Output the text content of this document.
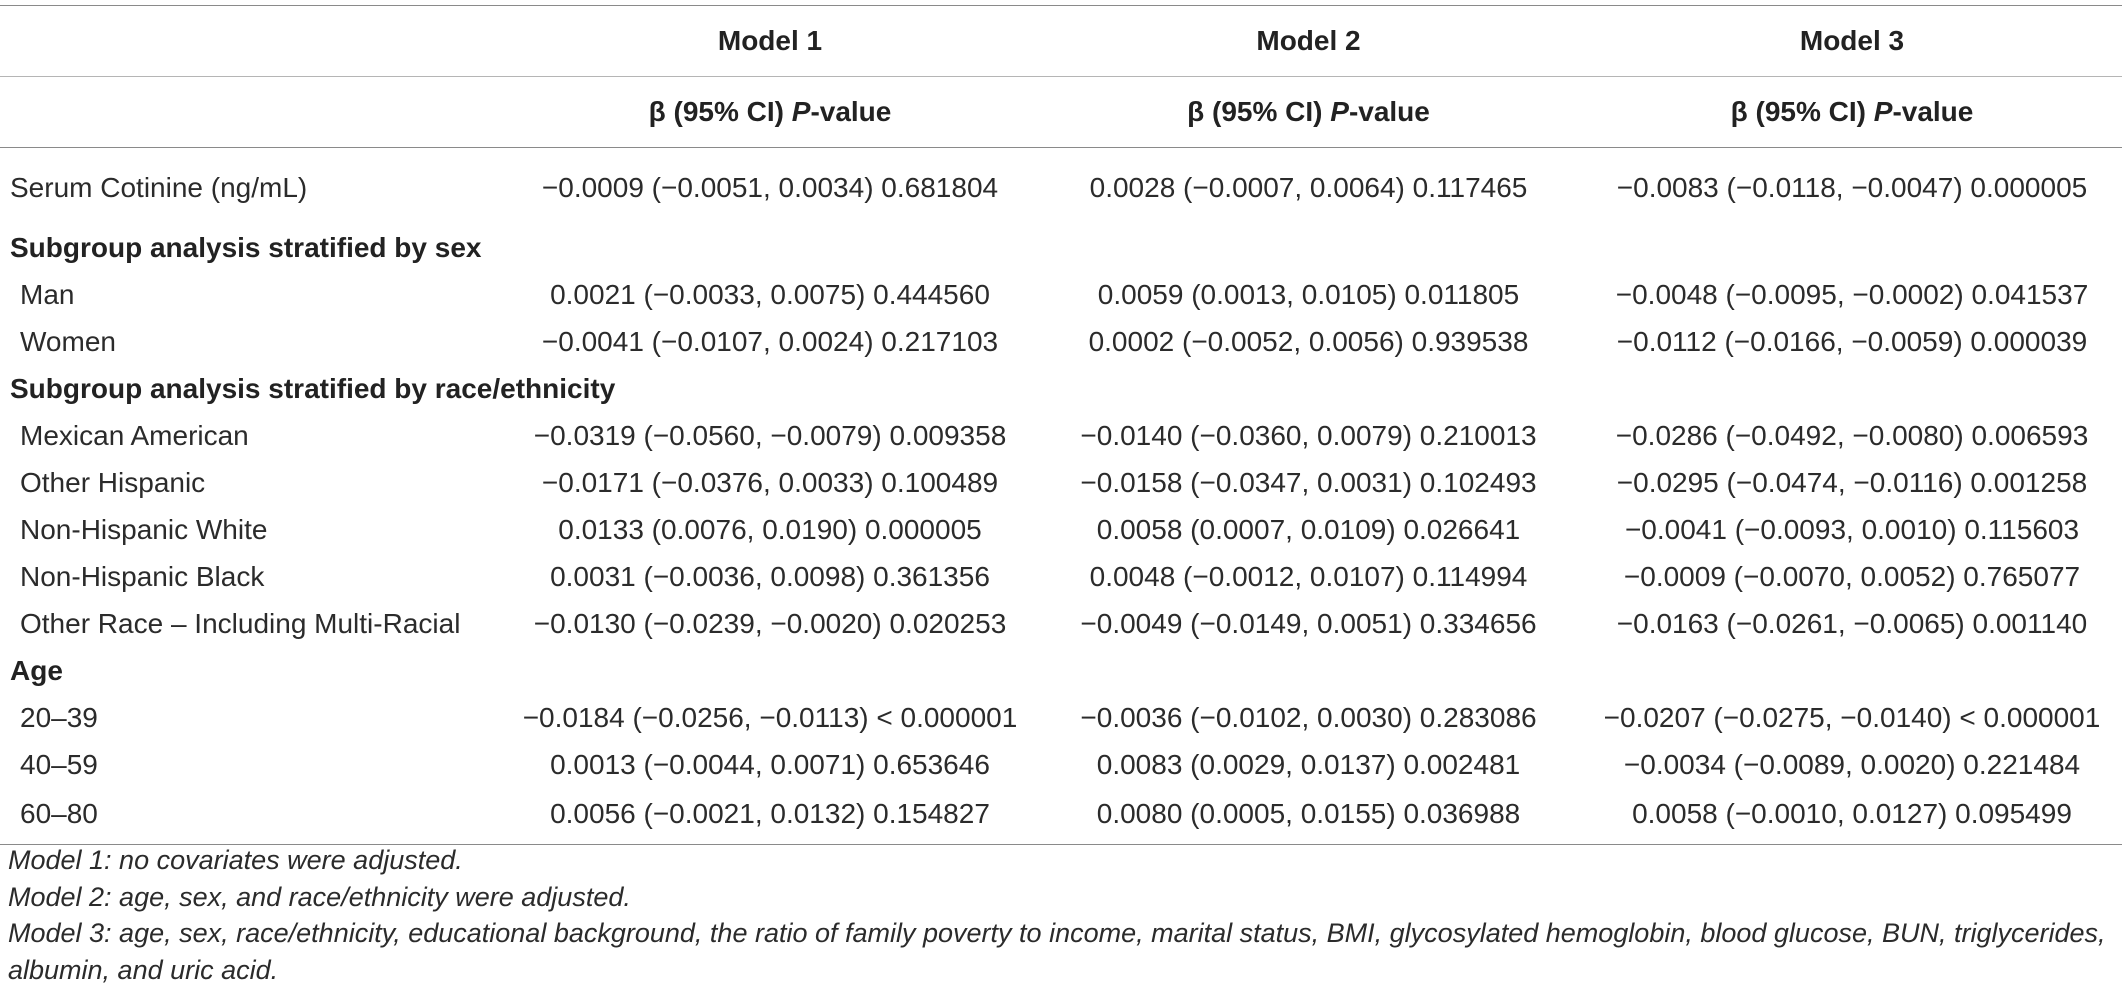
	Model 1	Model 2	Model 3
	β (95% CI) P-value	β (95% CI) P-value	β (95% CI) P-value
Serum Cotinine (ng/mL)	−0.0009 (−0.0051, 0.0034) 0.681804	0.0028 (−0.0007, 0.0064) 0.117465	−0.0083 (−0.0118, −0.0047) 0.000005
Subgroup analysis stratified by sex			
Man	0.0021 (−0.0033, 0.0075) 0.444560	0.0059 (0.0013, 0.0105) 0.011805	−0.0048 (−0.0095, −0.0002) 0.041537
Women	−0.0041 (−0.0107, 0.0024) 0.217103	0.0002 (−0.0052, 0.0056) 0.939538	−0.0112 (−0.0166, −0.0059) 0.000039
Subgroup analysis stratified by race/ethnicity			
Mexican American	−0.0319 (−0.0560, −0.0079) 0.009358	−0.0140 (−0.0360, 0.0079) 0.210013	−0.0286 (−0.0492, −0.0080) 0.006593
Other Hispanic	−0.0171 (−0.0376, 0.0033) 0.100489	−0.0158 (−0.0347, 0.0031) 0.102493	−0.0295 (−0.0474, −0.0116) 0.001258
Non-Hispanic White	0.0133 (0.0076, 0.0190) 0.000005	0.0058 (0.0007, 0.0109) 0.026641	−0.0041 (−0.0093, 0.0010) 0.115603
Non-Hispanic Black	0.0031 (−0.0036, 0.0098) 0.361356	0.0048 (−0.0012, 0.0107) 0.114994	−0.0009 (−0.0070, 0.0052) 0.765077
Other Race – Including Multi-Racial	−0.0130 (−0.0239, −0.0020) 0.020253	−0.0049 (−0.0149, 0.0051) 0.334656	−0.0163 (−0.0261, −0.0065) 0.001140
Age			
20–39	−0.0184 (−0.0256, −0.0113) < 0.000001	−0.0036 (−0.0102, 0.0030) 0.283086	−0.0207 (−0.0275, −0.0140) < 0.000001
40–59	0.0013 (−0.0044, 0.0071) 0.653646	0.0083 (0.0029, 0.0137) 0.002481	−0.0034 (−0.0089, 0.0020) 0.221484
60–80	0.0056 (−0.0021, 0.0132) 0.154827	0.0080 (0.0005, 0.0155) 0.036988	0.0058 (−0.0010, 0.0127) 0.095499
Model 1: no covariates were adjusted.
Model 2: age, sex, and race/ethnicity were adjusted.
Model 3: age, sex, race/ethnicity, educational background, the ratio of family poverty to income, marital status, BMI, glycosylated hemoglobin, blood glucose, BUN, triglycerides, albumin, and uric acid.
